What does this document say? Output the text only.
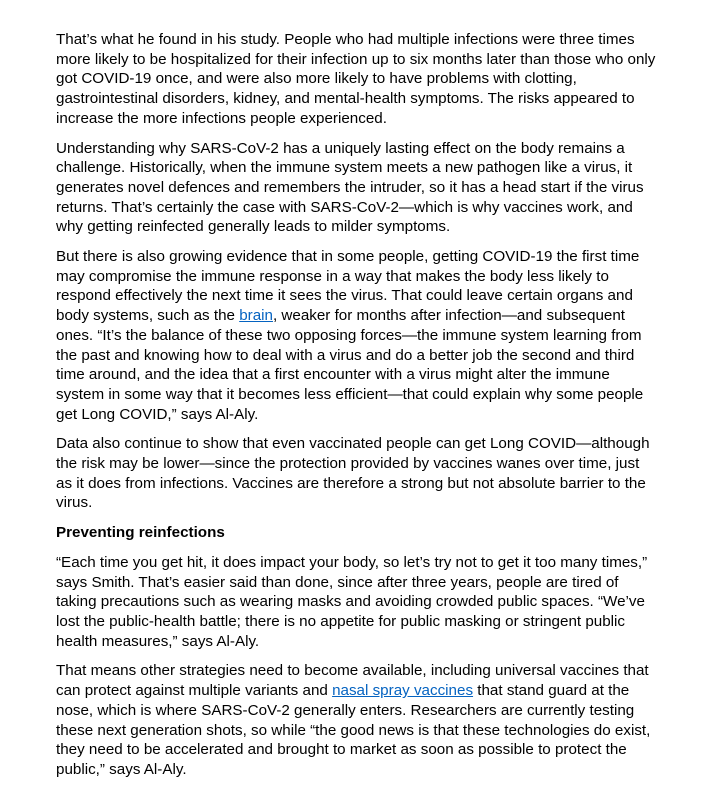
That’s what he found in his study. People who had multiple infections were three times more likely to be hospitalized for their infection up to six months later than those who only got COVID-19 once, and were also more likely to have problems with clotting, gastrointestinal disorders, kidney, and mental-health symptoms. The risks appeared to increase the more infections people experienced.

Understanding why SARS-CoV-2 has a uniquely lasting effect on the body remains a challenge. Historically, when the immune system meets a new pathogen like a virus, it generates novel defences and remembers the intruder, so it has a head start if the virus returns. That’s certainly the case with SARS-CoV-2—which is why vaccines work, and why getting reinfected generally leads to milder symptoms.

But there is also growing evidence that in some people, getting COVID-19 the first time may compromise the immune response in a way that makes the body less likely to respond effectively the next time it sees the virus. That could leave certain organs and body systems, such as the brain, weaker for months after infection—and subsequent ones. “It’s the balance of these two opposing forces—the immune system learning from the past and knowing how to deal with a virus and do a better job the second and third time around, and the idea that a first encounter with a virus might alter the immune system in some way that it becomes less efficient—that could explain why some people get Long COVID,” says Al-Aly.

Data also continue to show that even vaccinated people can get Long COVID—although the risk may be lower—since the protection provided by vaccines wanes over time, just as it does from infections. Vaccines are therefore a strong but not absolute barrier to the virus.

Preventing reinfections

“Each time you get hit, it does impact your body, so let’s try not to get it too many times,” says Smith. That’s easier said than done, since after three years, people are tired of taking precautions such as wearing masks and avoiding crowded public spaces. “We’ve lost the public-health battle; there is no appetite for public masking or stringent public health measures,” says Al-Aly.

That means other strategies need to become available, including universal vaccines that can protect against multiple variants and nasal spray vaccines that stand guard at the nose, which is where SARS-CoV-2 generally enters. Researchers are currently testing these next generation shots, so while “the good news is that these technologies do exist, they need to be accelerated and brought to market as soon as possible to protect the public,” says Al-Aly.
